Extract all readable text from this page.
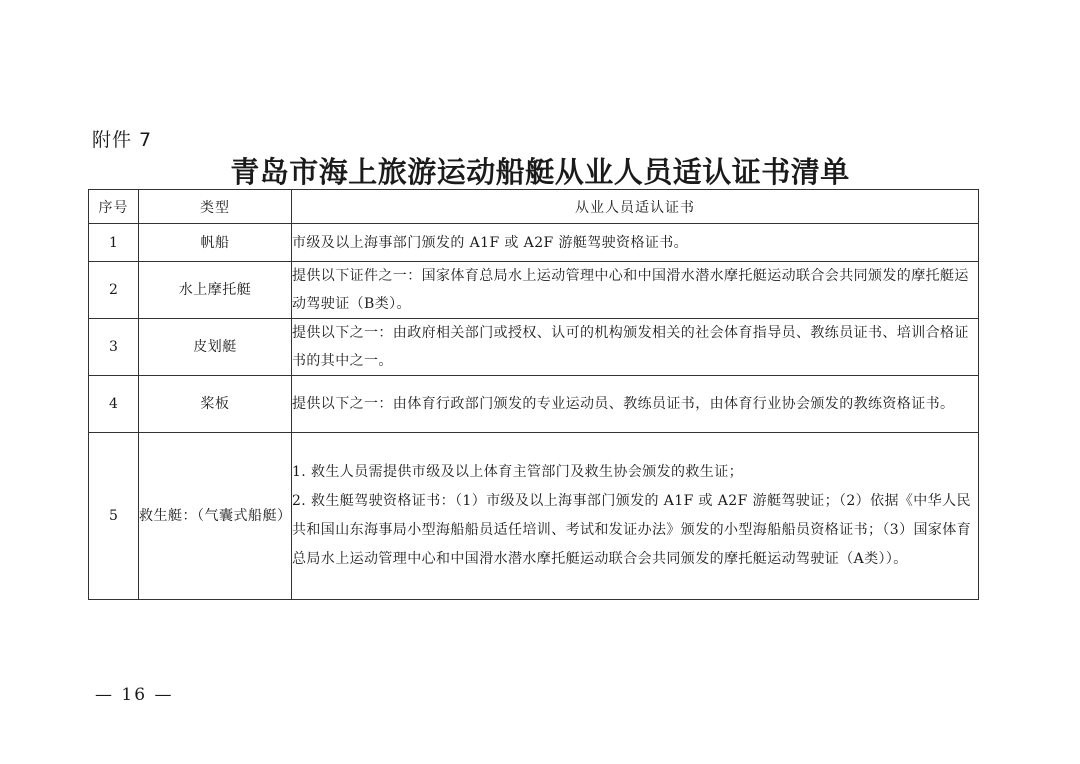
附件 7
青岛市海上旅游运动船艇从业人员适认证书清单
序号	类型	从业人员适认证书
1	帆船	市级及以上海事部门颁发的 A1F 或 A2F 游艇驾驶资格证书。
2	水上摩托艇	提供以下证件之一：国家体育总局水上运动管理中心和中国滑水潜水摩托艇运动联合会共同颁发的摩托艇运动驾驶证（B类）。
3	皮划艇	提供以下之一：由政府相关部门或授权、认可的机构颁发相关的社会体育指导员、教练员证书、培训合格证书的其中之一。
4	桨板	提供以下之一：由体育行政部门颁发的专业运动员、教练员证书，由体育行业协会颁发的教练资格证书。
5	救生艇：（气囊式船艇）	1. 救生人员需提供市级及以上体育主管部门及救生协会颁发的救生证；
2. 救生艇驾驶资格证书：（1）市级及以上海事部门颁发的 A1F 或 A2F 游艇驾驶证；（2）依据《中华人民共和国山东海事局小型海船船员适任培训、考试和发证办法》颁发的小型海船船员资格证书；（3）国家体育总局水上运动管理中心和中国滑水潜水摩托艇运动联合会共同颁发的摩托艇运动驾驶证（A类））。
— 16 —
